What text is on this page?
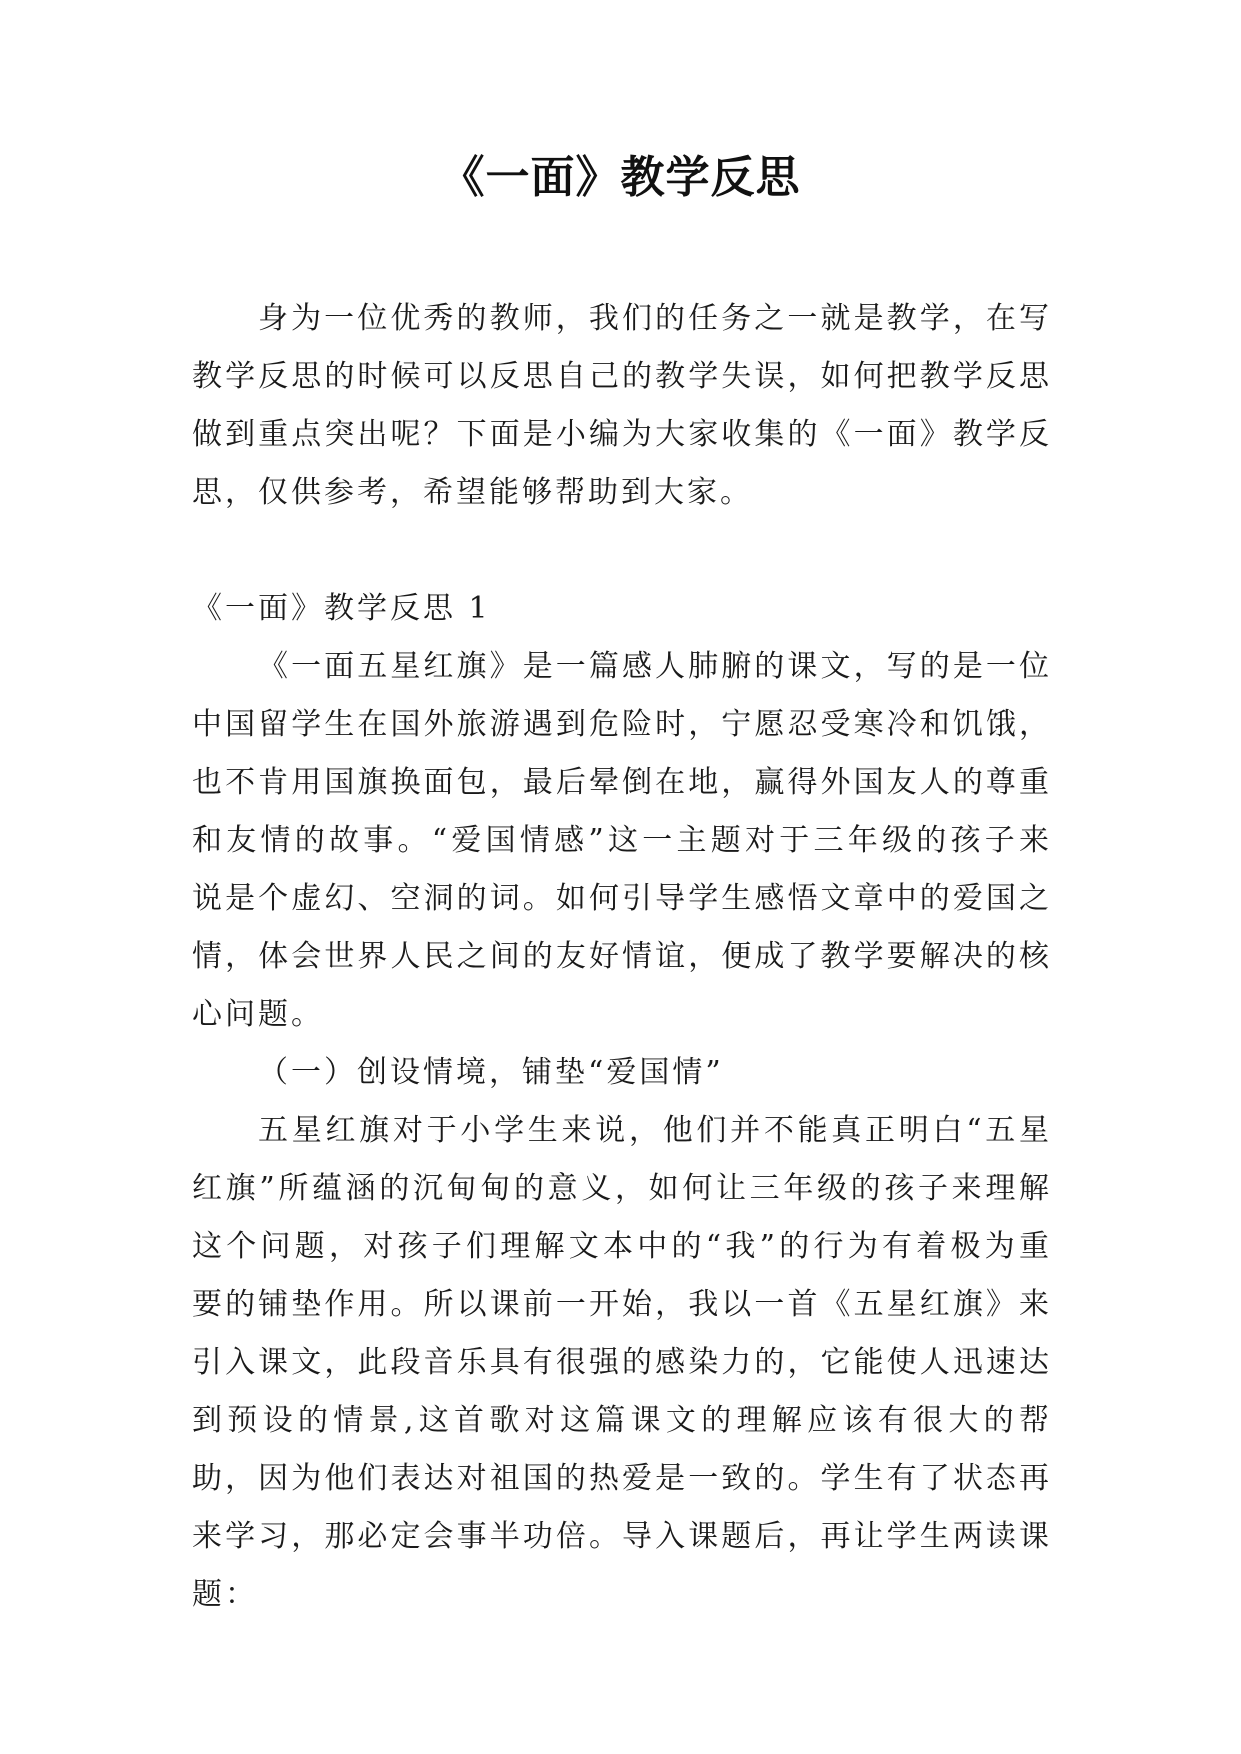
《一面》教学反思

身为一位优秀的教师，我们的任务之一就是教学，在写教学反思的时候可以反思自己的教学失误，如何把教学反思做到重点突出呢？下面是小编为大家收集的《一面》教学反思，仅供参考，希望能够帮助到大家。

《一面》教学反思 1

《一面五星红旗》是一篇感人肺腑的课文，写的是一位中国留学生在国外旅游遇到危险时，宁愿忍受寒冷和饥饿，也不肯用国旗换面包，最后晕倒在地，赢得外国友人的尊重和友情的故事。“爱国情感”这一主题对于三年级的孩子来说是个虚幻、空洞的词。如何引导学生感悟文章中的爱国之情，体会世界人民之间的友好情谊，便成了教学要解决的核心问题。

（一）创设情境，铺垫“爱国情”

五星红旗对于小学生来说，他们并不能真正明白“五星红旗”所蕴涵的沉甸甸的意义，如何让三年级的孩子来理解这个问题，对孩子们理解文本中的“我”的行为有着极为重要的铺垫作用。所以课前一开始，我以一首《五星红旗》来引入课文，此段音乐具有很强的感染力的，它能使人迅速达到预设的情景,这首歌对这篇课文的理解应该有很大的帮助，因为他们表达对祖国的热爱是一致的。学生有了状态再来学习，那必定会事半功倍。导入课题后，再让学生两读课题：
